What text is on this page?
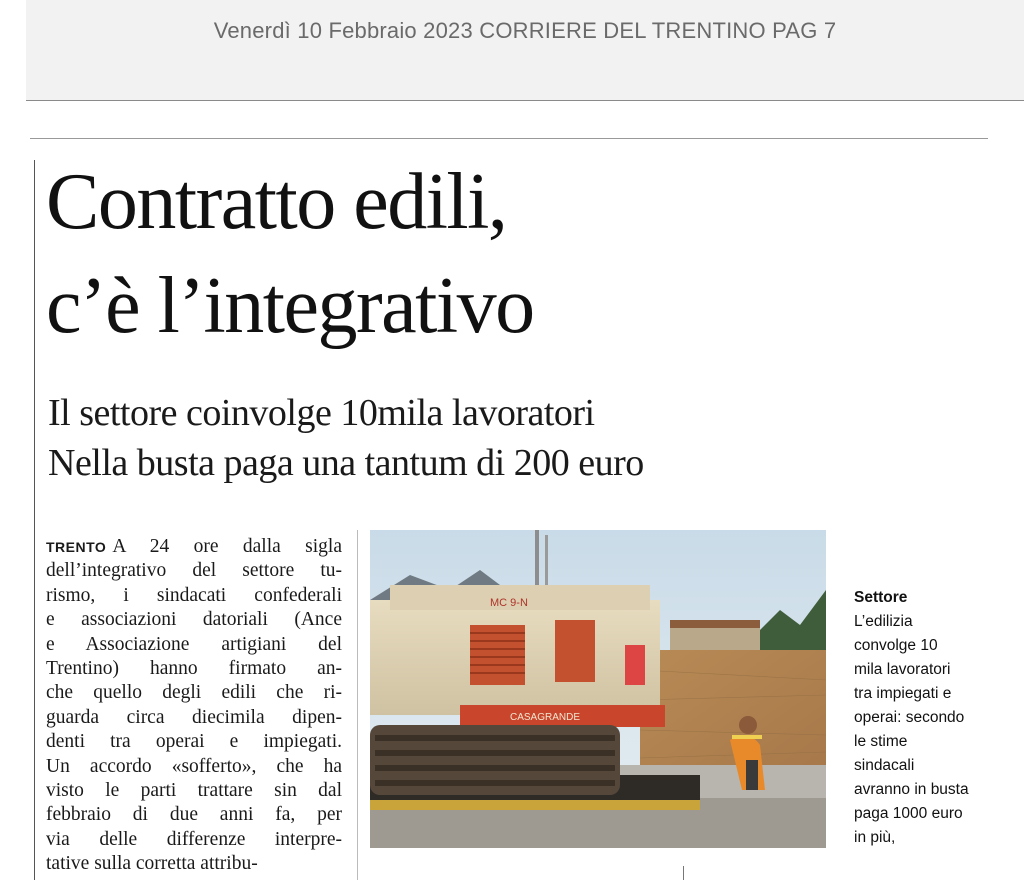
Venerdì 10 Febbraio 2023 CORRIERE DEL TRENTINO PAG 7
Contratto edili,
c’è l’integrativo
Il settore coinvolge 10mila lavoratori
Nella busta paga una tantum di 200 euro
TRENTO A 24 ore dalla sigla
dell’integrativo del settore tu-
rismo, i sindacati confederali
e associazioni datoriali (Ance
e Associazione artigiani del
Trentino) hanno firmato an-
che quello degli edili che ri-
guarda circa diecimila dipen-
denti tra operai e impiegati.
Un accordo «sofferto», che ha
visto le parti trattare sin dal
febbraio di due anni fa, per
via delle differenze interpre-
tative sulla corretta attribu-
MC 9-N
CASAGRANDE
Settore
L’edilizia
convolge 10
mila lavoratori
tra impiegati e
operai: secondo
le stime
sindacali
avranno in busta
paga 1000 euro
in più,
